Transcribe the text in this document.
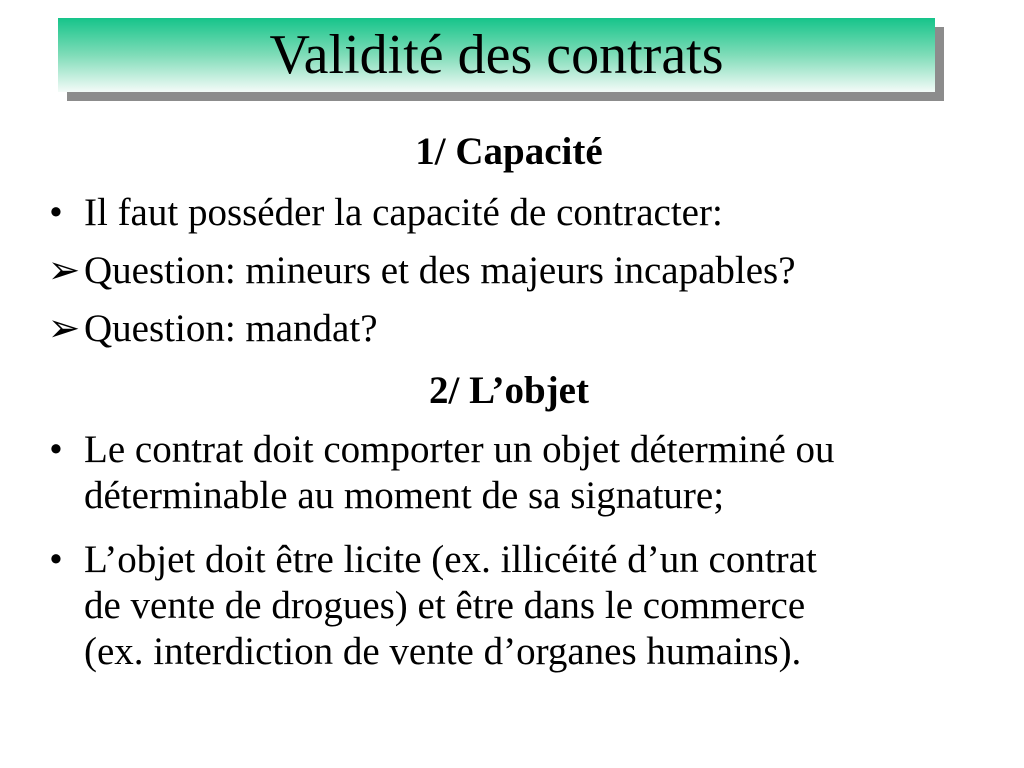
Validité des contrats
1/ Capacité
• Il faut posséder la capacité de contracter:
➢ Question: mineurs et des majeurs incapables?
➢ Question: mandat?
2/ L’objet
• Le contrat doit comporter un objet déterminé ou
déterminable au moment de sa signature;
• L’objet doit être licite (ex. illicéité d’un contrat
de vente de drogues) et être dans le commerce
(ex. interdiction de vente d’organes humains).
